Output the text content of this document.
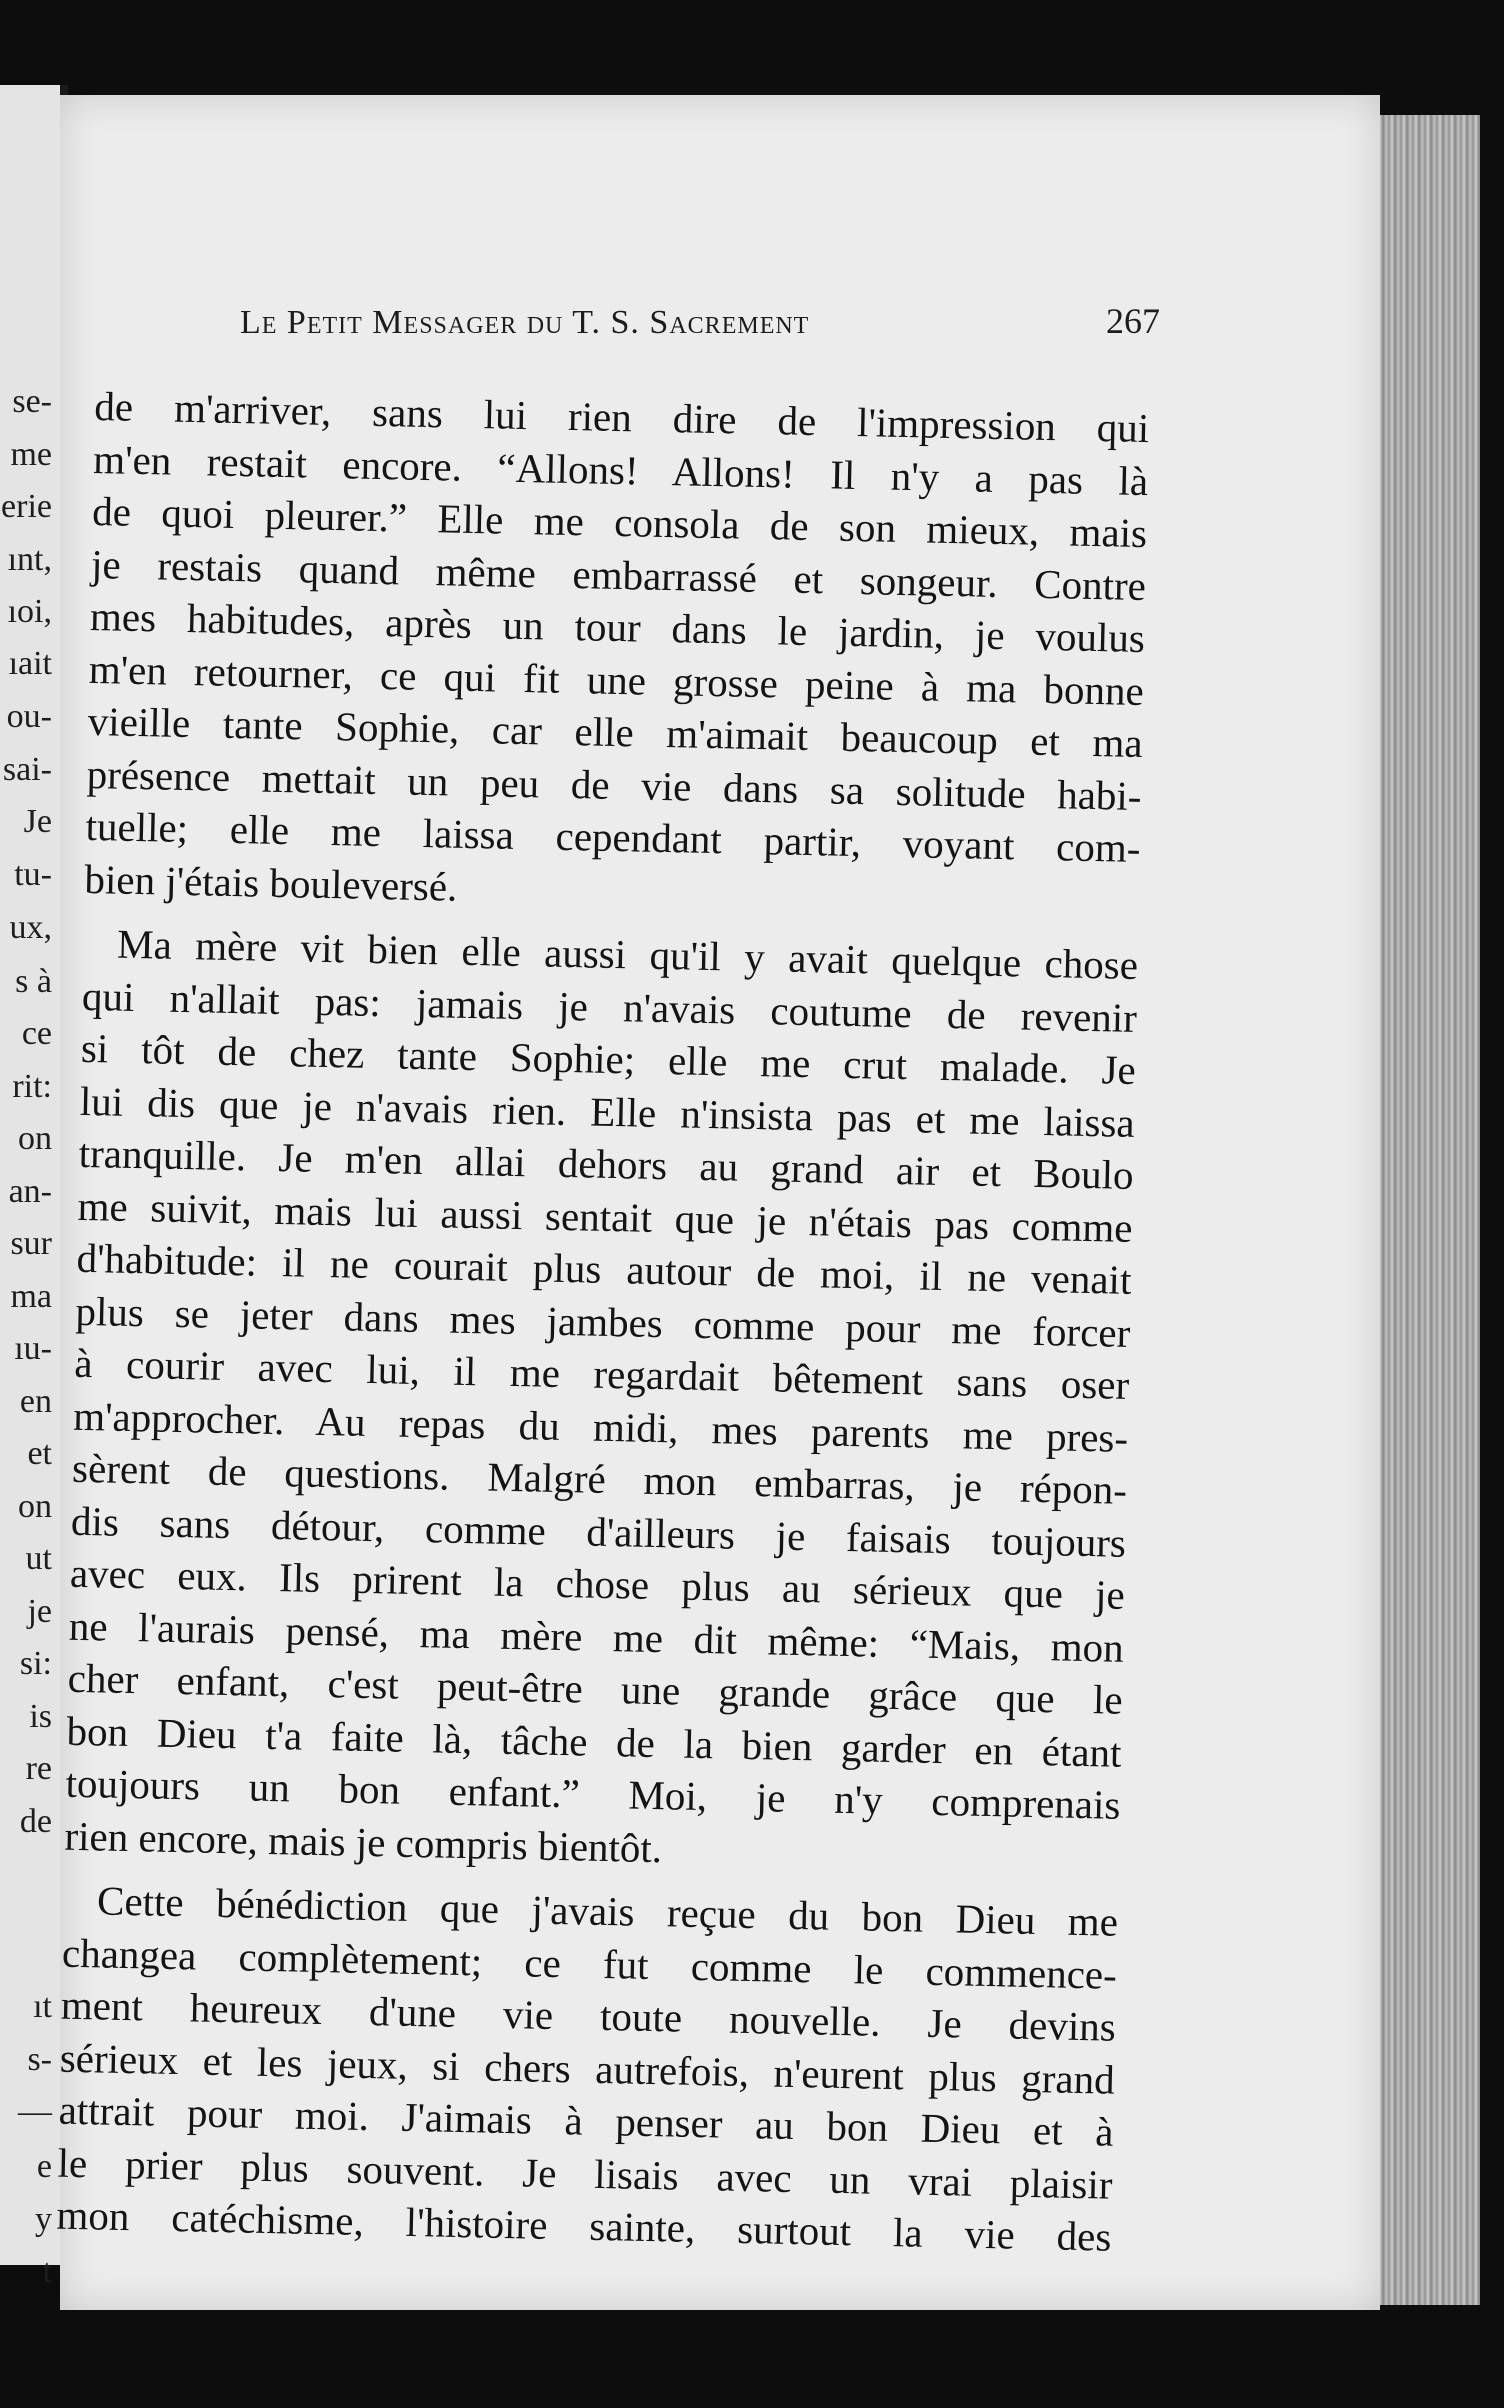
se-
me
erie
ınt,
ıoi,
ıait
ou-
sai-
Je
tu-
ux,
s à
ce
rit:
on
an-
sur
ma
ıu-
en
et
on
ut
je
si:
is
re
de
ıt
s-
—
e
y
t
Le Petit Messager du T. S. Sacrement	267
de m'arriver, sans lui rien dire de l'impression qui
m'en restait encore. “Allons! Allons! Il n'y a pas là
de quoi pleurer.” Elle me consola de son mieux, mais
je restais quand même embarrassé et songeur. Contre
mes habitudes, après un tour dans le jardin, je voulus
m'en retourner, ce qui fit une grosse peine à ma bonne
vieille tante Sophie, car elle m'aimait beaucoup et ma
présence mettait un peu de vie dans sa solitude habi-
tuelle; elle me laissa cependant partir, voyant com-
bien j'étais bouleversé.
Ma mère vit bien elle aussi qu'il y avait quelque chose
qui n'allait pas: jamais je n'avais coutume de revenir
si tôt de chez tante Sophie; elle me crut malade. Je
lui dis que je n'avais rien. Elle n'insista pas et me laissa
tranquille. Je m'en allai dehors au grand air et Boulo
me suivit, mais lui aussi sentait que je n'étais pas comme
d'habitude: il ne courait plus autour de moi, il ne venait
plus se jeter dans mes jambes comme pour me forcer
à courir avec lui, il me regardait bêtement sans oser
m'approcher. Au repas du midi, mes parents me pres-
sèrent de questions. Malgré mon embarras, je répon-
dis sans détour, comme d'ailleurs je faisais toujours
avec eux. Ils prirent la chose plus au sérieux que je
ne l'aurais pensé, ma mère me dit même: “Mais, mon
cher enfant, c'est peut-être une grande grâce que le
bon Dieu t'a faite là, tâche de la bien garder en étant
toujours un bon enfant.” Moi, je n'y comprenais
rien encore, mais je compris bientôt.
Cette bénédiction que j'avais reçue du bon Dieu me
changea complètement; ce fut comme le commence-
ment heureux d'une vie toute nouvelle. Je devins
sérieux et les jeux, si chers autrefois, n'eurent plus grand
attrait pour moi. J'aimais à penser au bon Dieu et à
le prier plus souvent. Je lisais avec un vrai plaisir
mon catéchisme, l'histoire sainte, surtout la vie des
